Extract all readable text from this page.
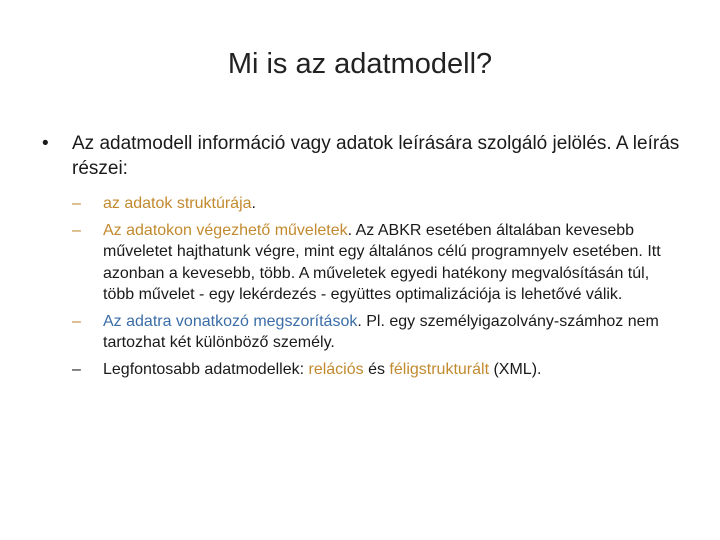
Mi is az adatmodell?
• Az adatmodell információ vagy adatok leírására szolgáló jelölés. A leírás részei:
– az adatok struktúrája.
– Az adatokon végezhető műveletek. Az ABKR esetében általában kevesebb műveletet hajthatunk végre, mint egy általános célú programnyelv esetében. Itt azonban a kevesebb, több. A műveletek egyedi hatékony megvalósításán túl, több művelet - egy lekérdezés - együttes optimalizációja is lehetővé válik.
– Az adatra vonatkozó megszorítások. Pl. egy személyigazolvány-számhoz nem tartozhat két különböző személy.
– Legfontosabb adatmodellek: relációs és féligstrukturált (XML).
